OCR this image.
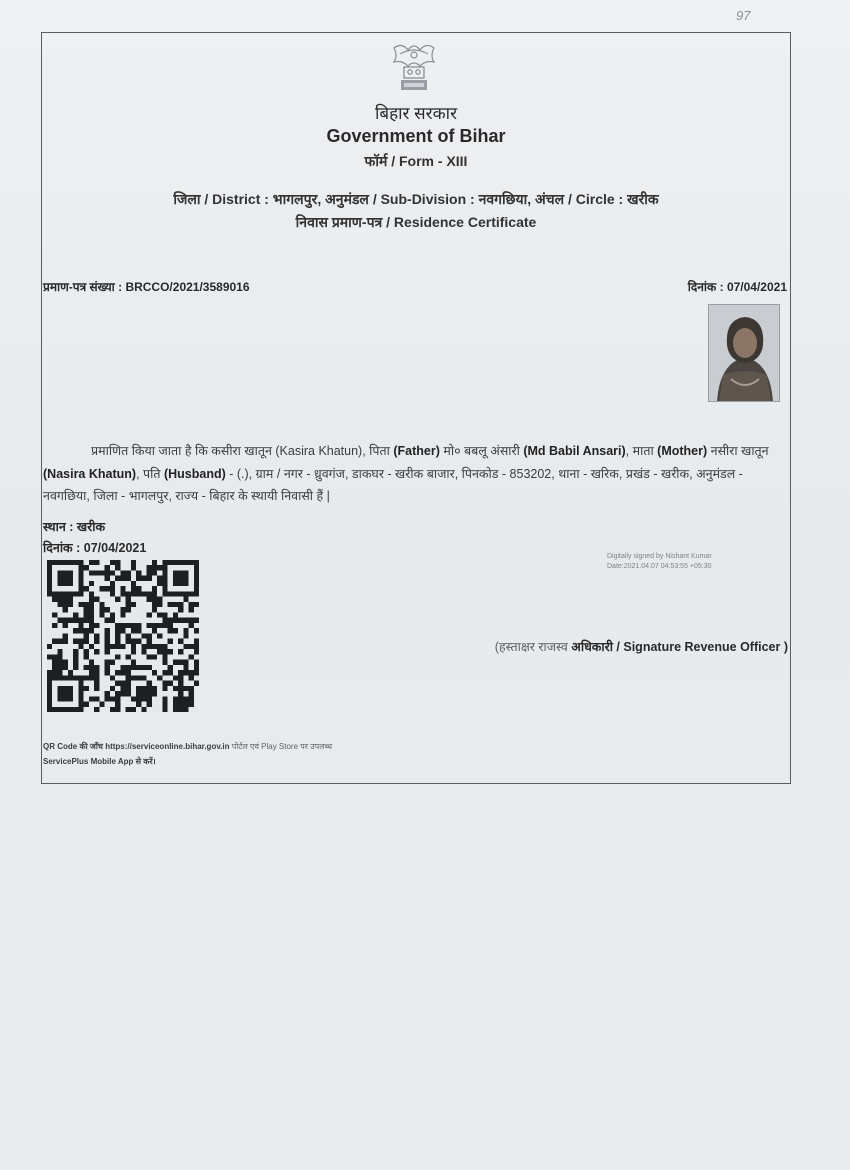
97
बिहार सरकार
Government of Bihar
फॉर्म / Form - XIII
जिला / District : भागलपुर, अनुमंडल / Sub-Division : नवगछिया, अंचल / Circle : खरीक
निवास प्रमाण-पत्र / Residence Certificate
प्रमाण-पत्र संख्या : BRCCO/2021/3589016	दिनांक : 07/04/2021
प्रमाणित किया जाता है कि कसीरा खातून (Kasira Khatun), पिता (Father) मो० बबलू अंसारी (Md Babil Ansari), माता (Mother) नसीरा खातून (Nasira Khatun), पति (Husband) - (.), ग्राम / नगर - ध्रुवगंज, डाकघर - खरीक बाजार, पिनकोड - 853202, थाना - खरिक, प्रखंड - खरीक, अनुमंडल - नवगछिया, जिला - भागलपुर, राज्य - बिहार के स्थायी निवासी हैं |
स्थान : खरीक
दिनांक : 07/04/2021
Digitally signed by Nishant Kumar
Date:2021.04.07 04:53:55 +05:30
(हस्ताक्षर राजस्व अधिकारी / Signature Revenue Officer )
QR Code की जाँच https://serviceonline.bihar.gov.in पोर्टल एवं Play Store पर उपलब्ध
ServicePlus Mobile App से करें।
